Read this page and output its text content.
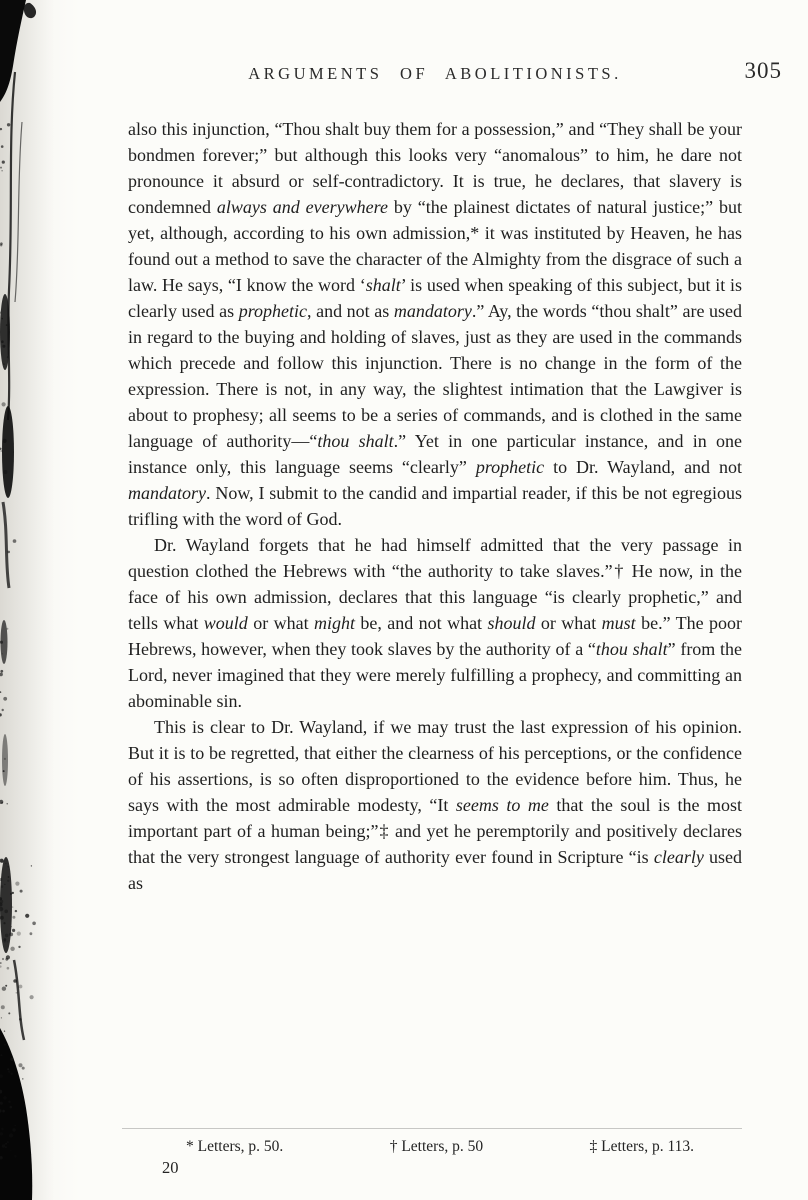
ARGUMENTS OF ABOLITIONISTS.	305

also this injunction, “Thou shalt buy them for a possession,” and “They shall be your bondmen forever;” but although this looks very “anomalous” to him, he dare not pronounce it absurd or self-contradictory. It is true, he declares, that slavery is condemned always and everywhere by “the plainest dictates of natural justice;” but yet, although, according to his own admission,* it was instituted by Heaven, he has found out a method to save the character of the Almighty from the disgrace of such a law. He says, “I know the word ‘shalt’ is used when speaking of this subject, but it is clearly used as prophetic, and not as mandatory.” Ay, the words “thou shalt” are used in regard to the buying and holding of slaves, just as they are used in the commands which precede and follow this injunction. There is no change in the form of the expression. There is not, in any way, the slightest intimation that the Lawgiver is about to prophesy; all seems to be a series of commands, and is clothed in the same language of authority—“thou shalt.” Yet in one particular instance, and in one instance only, this language seems “clearly” prophetic to Dr. Wayland, and not mandatory. Now, I submit to the candid and impartial reader, if this be not egregious trifling with the word of God.

Dr. Wayland forgets that he had himself admitted that the very passage in question clothed the Hebrews with “the authority to take slaves.”† He now, in the face of his own admission, declares that this language “is clearly prophetic,” and tells what would or what might be, and not what should or what must be.” The poor Hebrews, however, when they took slaves by the authority of a “thou shalt” from the Lord, never imagined that they were merely fulfilling a prophecy, and committing an abominable sin.

This is clear to Dr. Wayland, if we may trust the last expression of his opinion. But it is to be regretted, that either the clearness of his perceptions, or the confidence of his assertions, is so often disproportioned to the evidence before him. Thus, he says with the most admirable modesty, “It seems to me that the soul is the most important part of a human being;”‡ and yet he peremptorily and positively declares that the very strongest language of authority ever found in Scripture “is clearly used as

* Letters, p. 50.	† Letters, p. 50	‡ Letters, p. 113.
20
